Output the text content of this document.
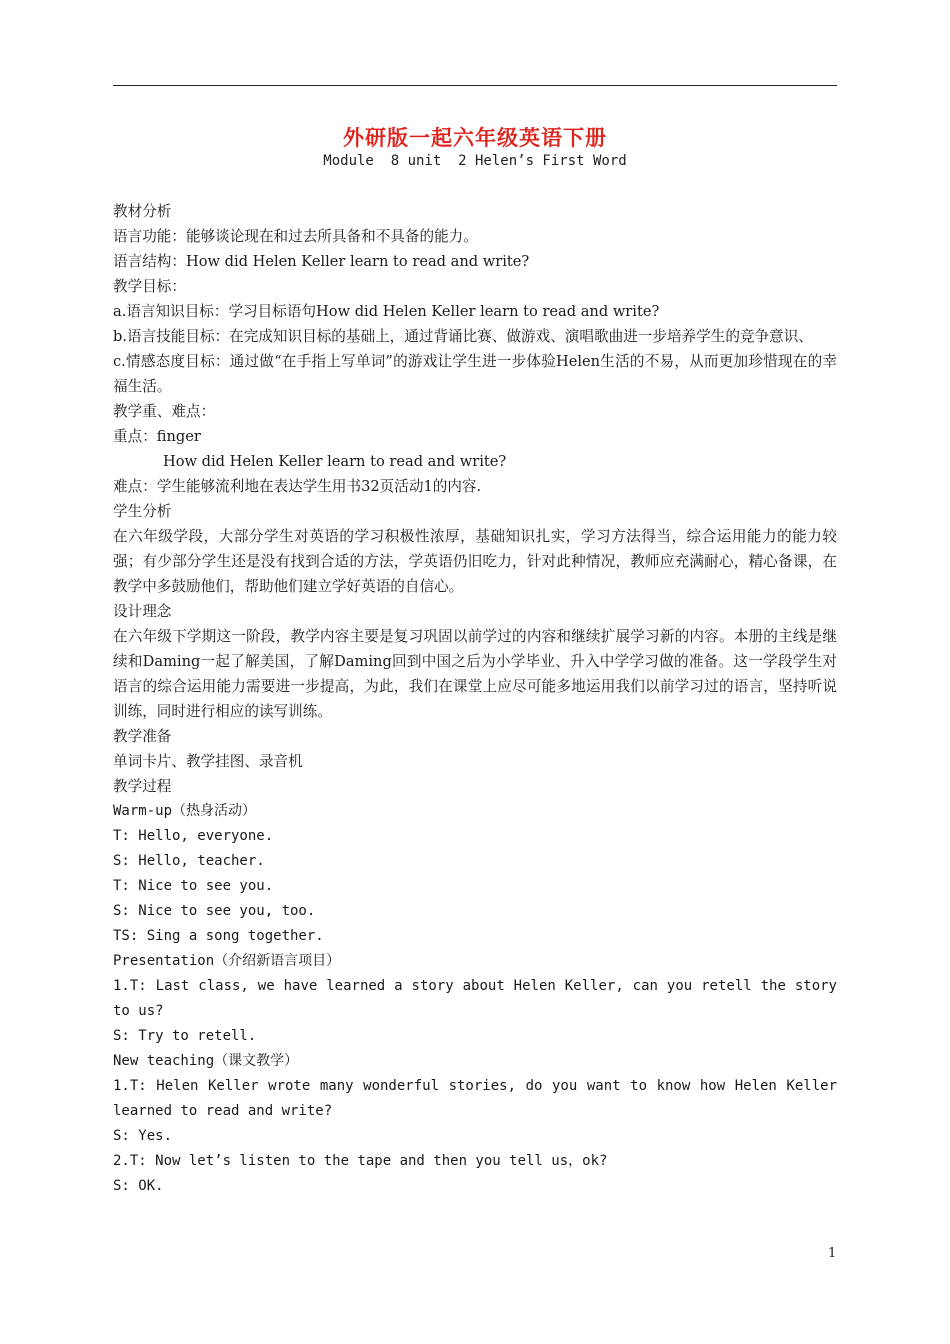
外研版一起六年级英语下册
Module  8 unit  2 Helen’s First Word

教材分析

语言功能：能够谈论现在和过去所具备和不具备的能力。

语言结构：How did Helen Keller learn to read and write?

教学目标：

a.语言知识目标：学习目标语句How did Helen Keller learn to read and write?

b.语言技能目标：在完成知识目标的基础上，通过背诵比赛、做游戏、演唱歌曲进一步培养学生的竞争意识、

c.情感态度目标：通过做“在手指上写单词”的游戏让学生进一步体验Helen生活的不易，从而更加珍惜现在的幸福生活。

教学重、难点：

重点：finger

How did Helen Keller learn to read and write?

难点：学生能够流利地在表达学生用书32页活动1的内容.

学生分析

在六年级学段，大部分学生对英语的学习积极性浓厚，基础知识扎实，学习方法得当，综合运用能力的能力较强；有少部分学生还是没有找到合适的方法，学英语仍旧吃力，针对此种情况，教师应充满耐心，精心备课，在教学中多鼓励他们，帮助他们建立学好英语的自信心。

设计理念

在六年级下学期这一阶段，教学内容主要是复习巩固以前学过的内容和继续扩展学习新的内容。本册的主线是继续和Daming一起了解美国，了解Daming回到中国之后为小学毕业、升入中学学习做的准备。这一学段学生对语言的综合运用能力需要进一步提高，为此，我们在课堂上应尽可能多地运用我们以前学习过的语言，坚持听说训练，同时进行相应的读写训练。

教学准备

单词卡片、教学挂图、录音机

教学过程

Warm-up（热身活动）

T: Hello, everyone.

S: Hello, teacher.

T: Nice to see you.

S: Nice to see you, too.

TS: Sing a song together.

Presentation（介绍新语言项目）

1.T: Last class, we have learned a story about Helen Keller, can you retell the story to us?

S: Try to retell.

New teaching（课文教学）

1.T: Helen Keller wrote many wonderful stories, do you want to know how Helen Keller learned to read and write?

S: Yes.

2.T: Now let’s listen to the tape and then you tell us，ok?

S: OK.

1
